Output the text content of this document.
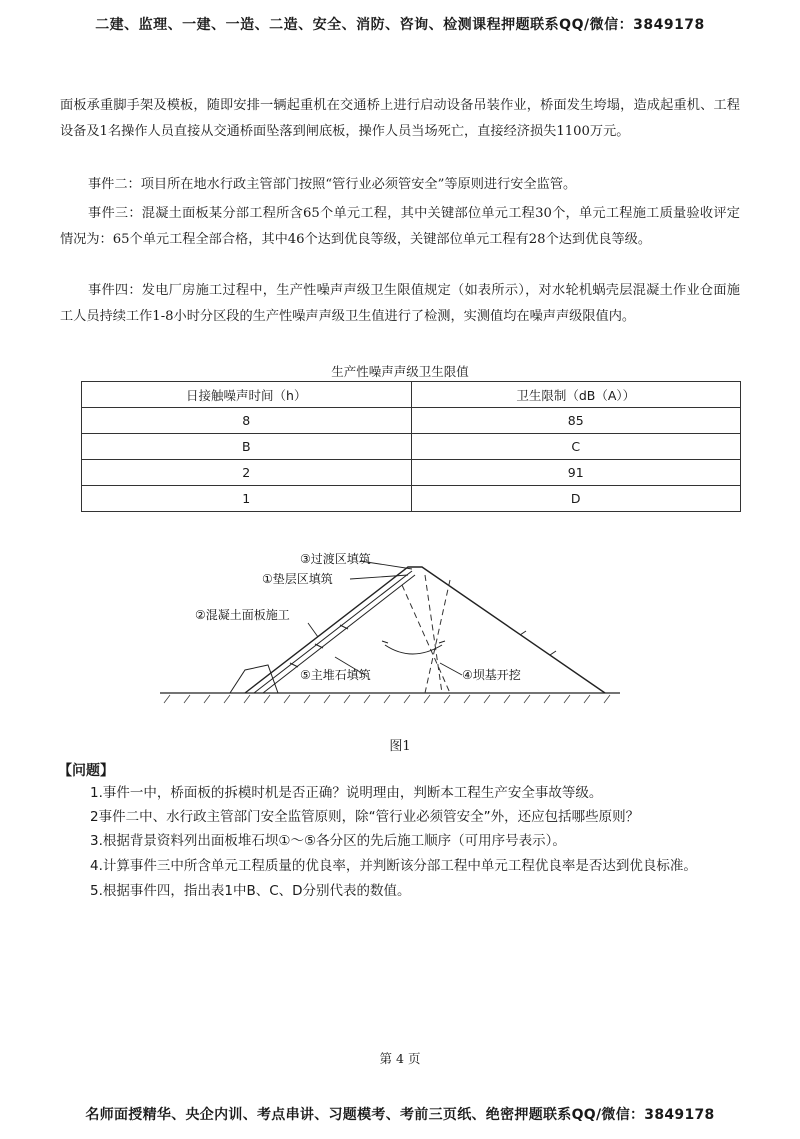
二建、监理、一建、一造、二造、安全、消防、咨询、检测课程押题联系QQ/微信：3849178
面板承重脚手架及模板，随即安排一辆起重机在交通桥上进行启动设备吊装作业，桥面发生垮塌，造成起重机、工程设备及1名操作人员直接从交通桥面坠落到闸底板，操作人员当场死亡，直接经济损失1100万元。
事件二：项目所在地水行政主管部门按照“管行业必须管安全”等原则进行安全监管。
事件三：混凝土面板某分部工程所含65个单元工程，其中关键部位单元工程30个，单元工程施工质量验收评定情况为：65个单元工程全部合格，其中46个达到优良等级，关键部位单元工程有28个达到优良等级。
事件四：发电厂房施工过程中，生产性噪声声级卫生限值规定（如表所示），对水轮机蜗壳层混凝土作业仓面施工人员持续工作1-8小时分区段的生产性噪声声级卫生值进行了检测，实测值均在噪声声级限值内。
生产性噪声声级卫生限值
日接触噪声时间（h）	卫生限制（dB（A））
8	85
B	C
2	91
1	D
③过渡区填筑
①垫层区填筑
②混凝土面板施工
⑤主堆石填筑	④坝基开挖
图1
【问题】
1.事件一中，桥面板的拆模时机是否正确？说明理由，判断本工程生产安全事故等级。
2事件二中、水行政主管部门安全监管原则，除“管行业必须管安全”外，还应包括哪些原则？
3.根据背景资料列出面板堆石坝①～⑤各分区的先后施工顺序（可用序号表示）。
4.计算事件三中所含单元工程质量的优良率，并判断该分部工程中单元工程优良率是否达到优良标准。
5.根据事件四，指出表1中B、C、D分别代表的数值。
第 4 页
名师面授精华、央企内训、考点串讲、习题模考、考前三页纸、绝密押题联系QQ/微信：3849178
